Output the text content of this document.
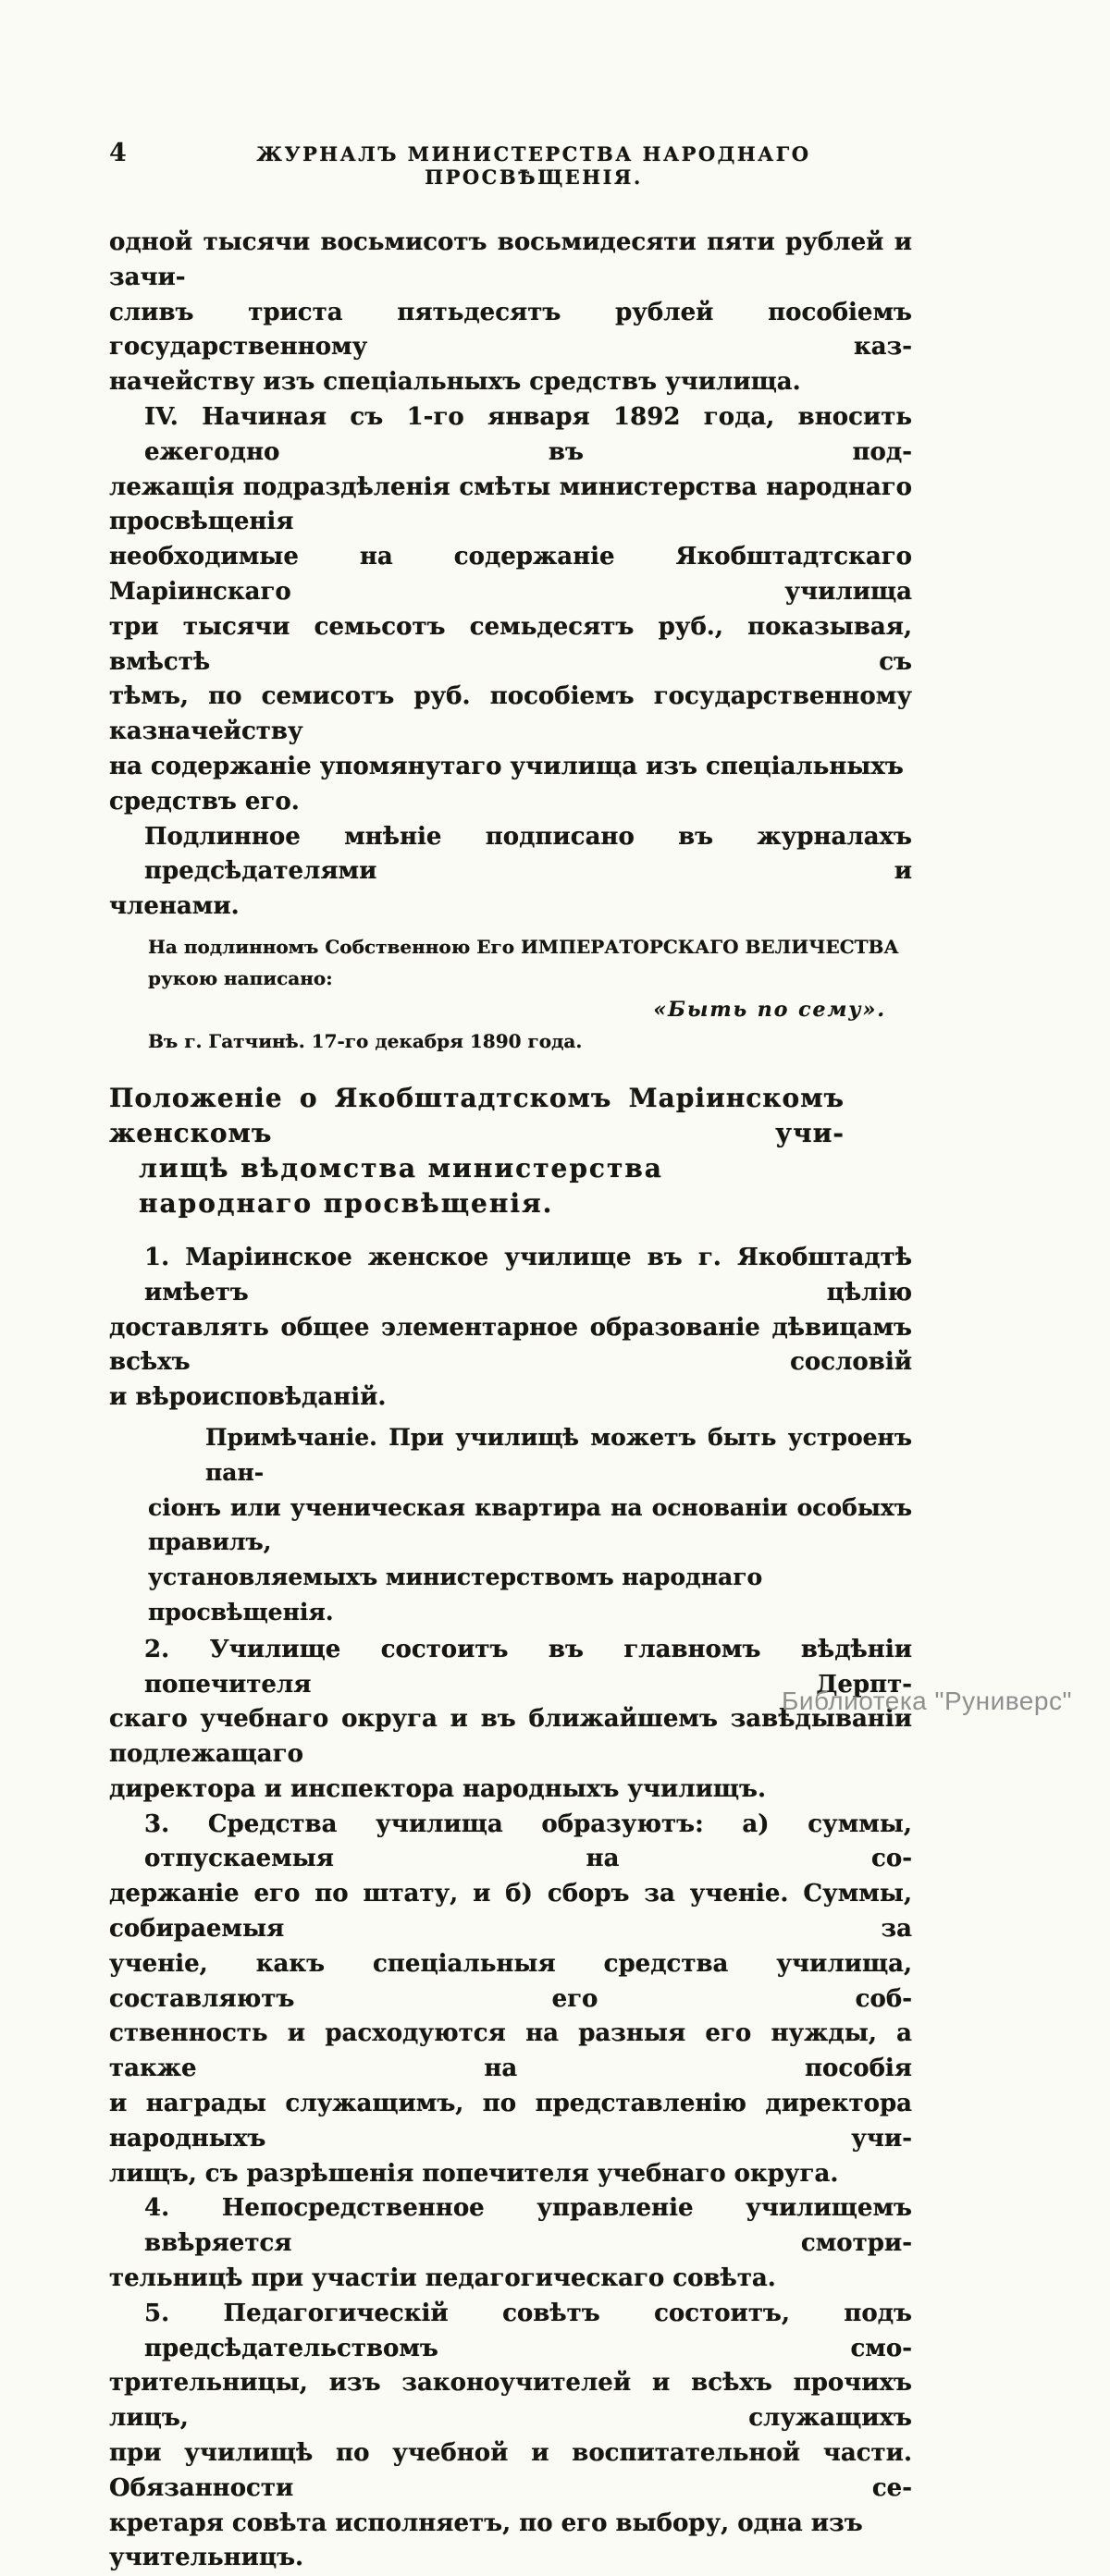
4	ЖУРНАЛЪ МИНИСТЕРСТВА НАРОДНАГО ПРОСВѢЩЕНІЯ.
одной тысячи восьмисотъ восьмидесяти пяти рублей и зачи-
сливъ триста пятьдесятъ рублей пособіемъ государственному каз-
начейству изъ спеціальныхъ средствъ училища.
IV. Начиная съ 1-го января 1892 года, вносить ежегодно въ под-
лежащія подраздѣленія смѣты министерства народнаго просвѣщенія
необходимые на содержаніе Якобштадтскаго Маріинскаго училища
три тысячи семьсотъ семьдесятъ руб., показывая, вмѣстѣ съ
тѣмъ, по семисотъ руб. пособіемъ государственному казначейству
на содержаніе упомянутаго училища изъ спеціальныхъ средствъ его.
Подлинное мнѣніе подписано въ журналахъ предсѣдателями и
членами.
На подлинномъ Собственною Его ИМПЕРАТОРСКАГО ВЕЛИЧЕСТВА рукою написано:
«Быть по сему».
Въ г. Гатчинѣ. 17-го декабря 1890 года.
Положеніе о Якобштадтскомъ Маріинскомъ женскомъ учи-
лищѣ вѣдомства министерства народнаго просвѣщенія.
1. Маріинское женское училище въ г. Якобштадтѣ имѣетъ цѣлію
доставлять общее элементарное образованіе дѣвицамъ всѣхъ сословій
и вѣроисповѣданій.
Примѣчаніе. При училищѣ можетъ быть устроенъ пан-
сіонъ или ученическая квартира на основаніи особыхъ правилъ,
установляемыхъ министерствомъ народнаго просвѣщенія.
2. Училище состоитъ въ главномъ вѣдѣніи попечителя Дерпт-
скаго учебнаго округа и въ ближайшемъ завѣдываніи подлежащаго
директора и инспектора народныхъ училищъ.
3. Средства училища образуютъ: а) суммы, отпускаемыя на со-
держаніе его по штату, и б) сборъ за ученіе. Суммы, собираемыя за
ученіе, какъ спеціальныя средства училища, составляютъ его соб-
ственность и расходуются на разныя его нужды, а также на пособія
и награды служащимъ, по представленію директора народныхъ учи-
лищъ, съ разрѣшенія попечителя учебнаго округа.
4. Непосредственное управленіе училищемъ ввѣряется смотри-
тельницѣ при участіи педагогическаго совѣта.
5. Педагогическій совѣтъ состоитъ, подъ предсѣдательствомъ смо-
трительницы, изъ законоучителей и всѣхъ прочихъ лицъ, служащихъ
при училищѣ по учебной и воспитательной части. Обязанности се-
кретаря совѣта исполняетъ, по его выбору, одна изъ учительницъ.
Библиотека "Руниверс"
